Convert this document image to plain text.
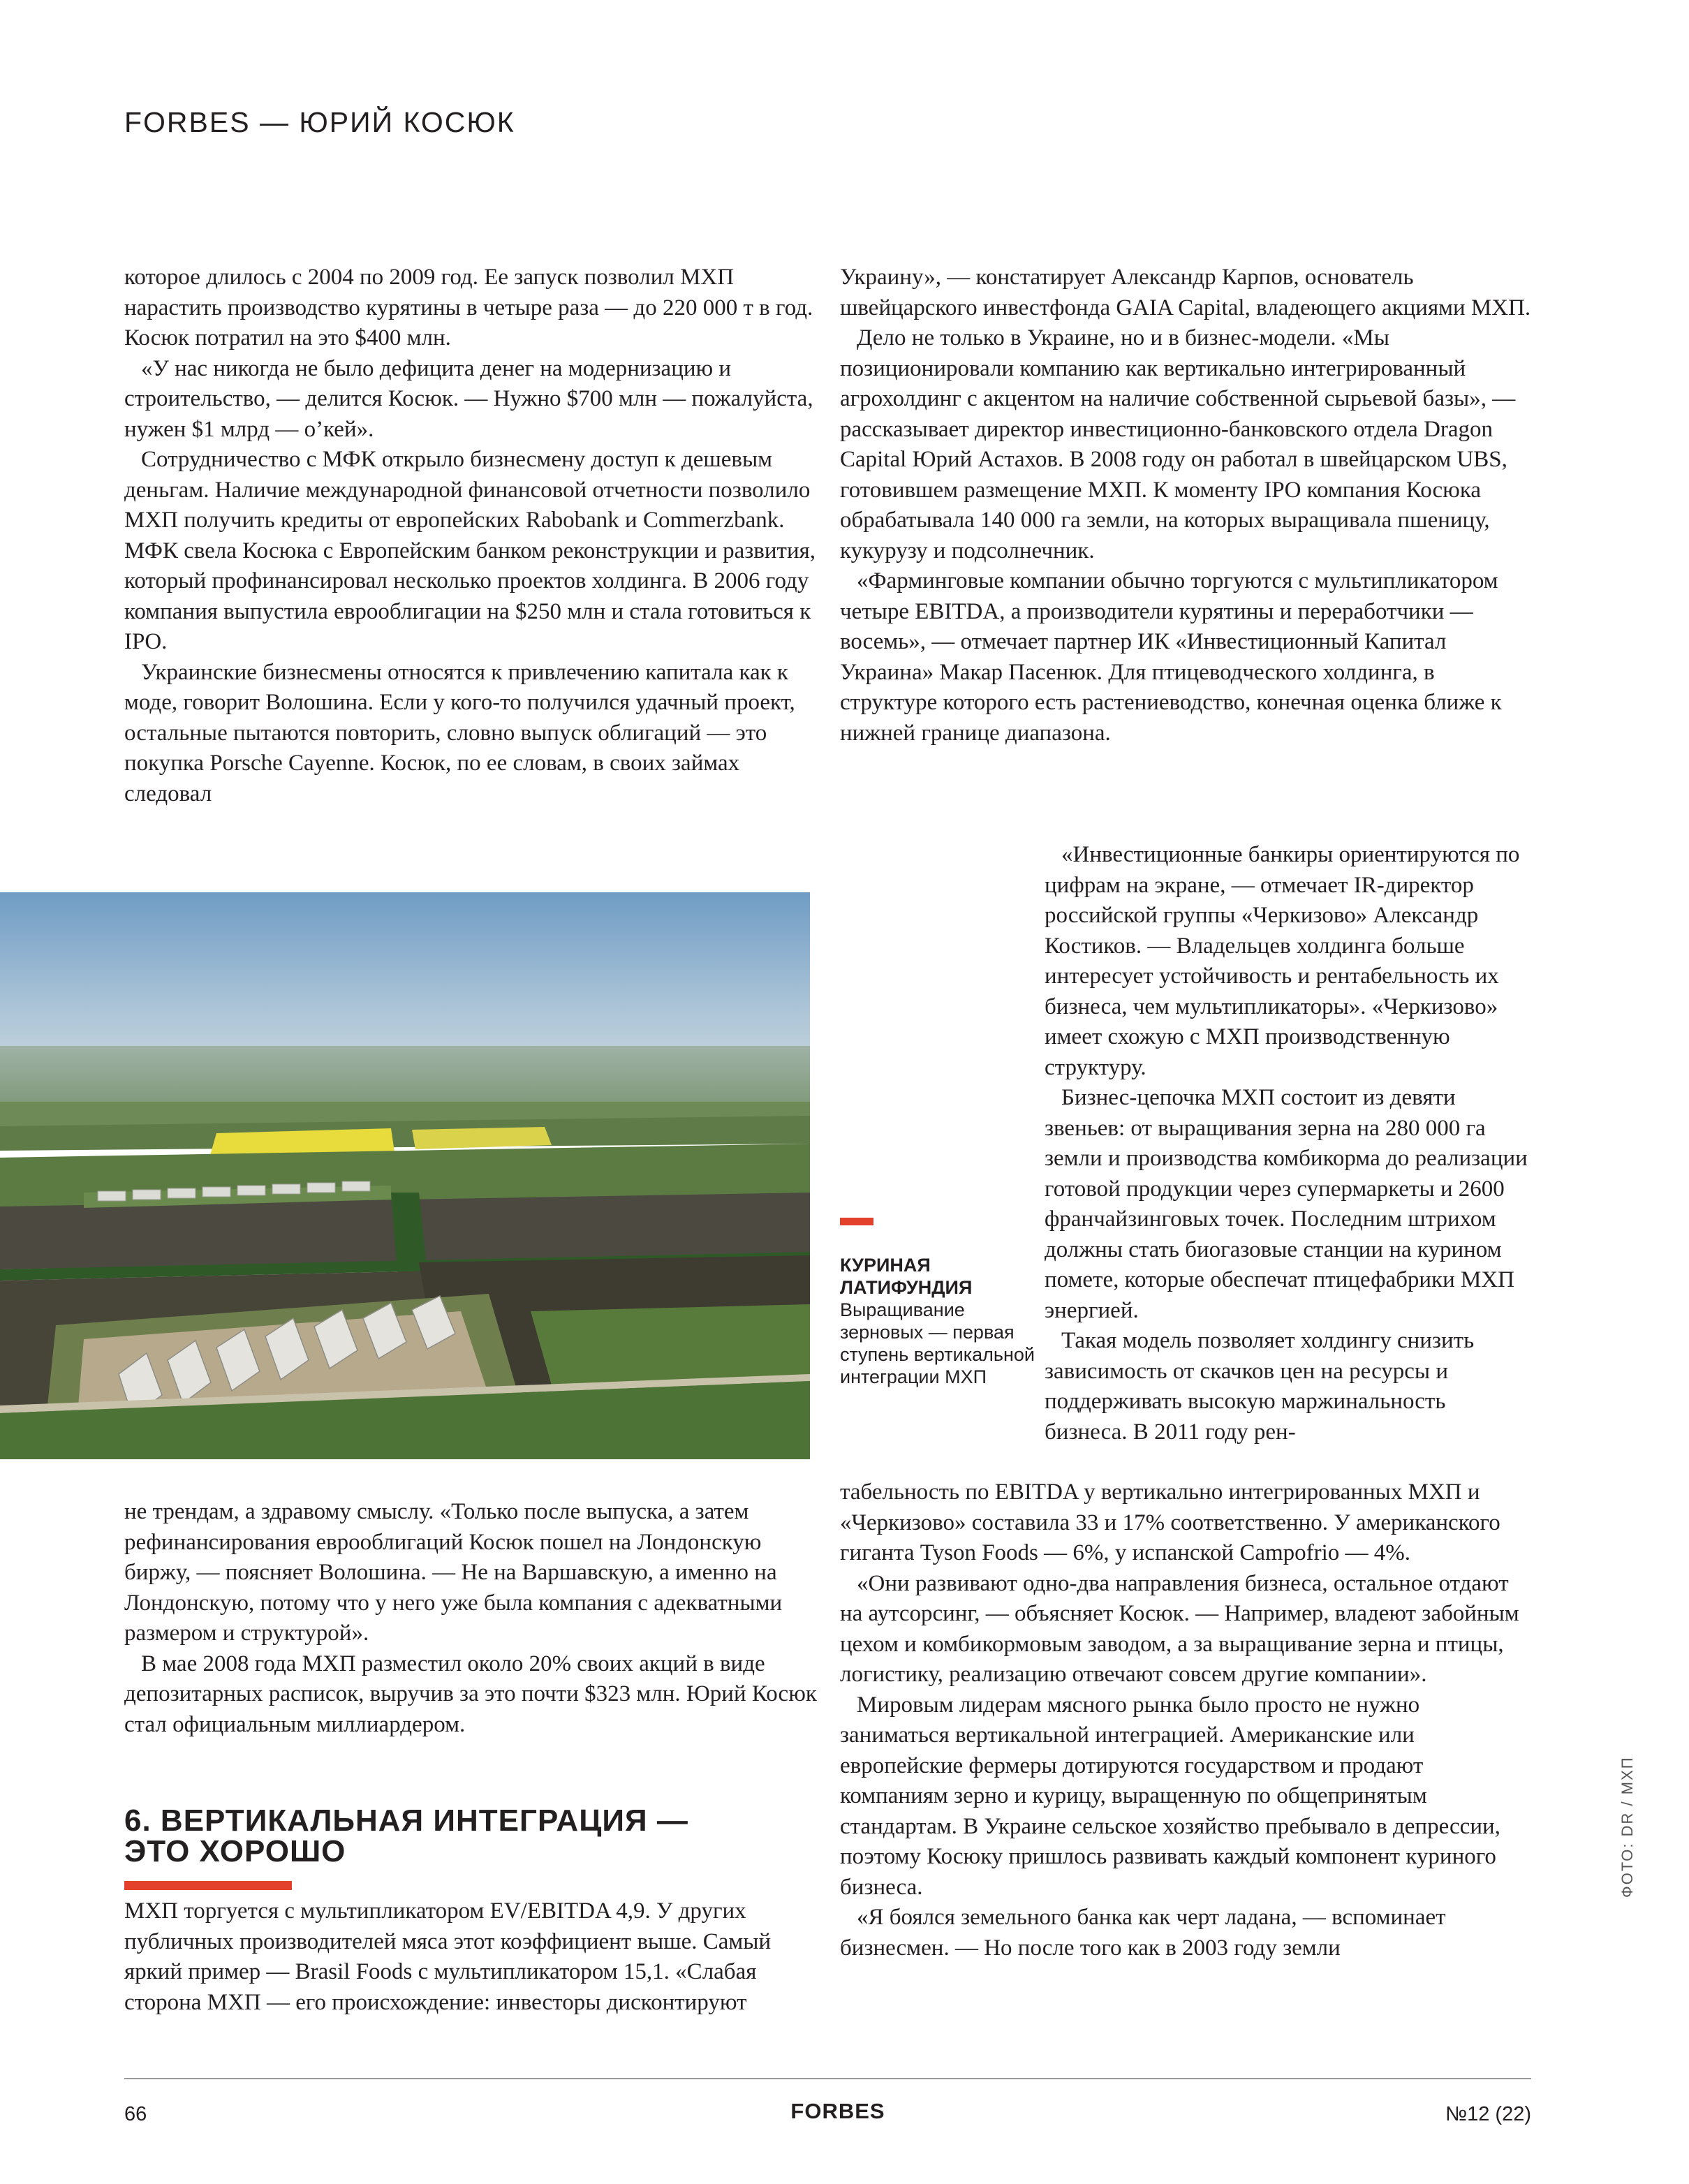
FORBES — ЮРИЙ КОСЮК

которое длилось с 2004 по 2009 год. Ее запуск позволил МХП нарастить производство курятины в четыре раза — до 220 000 т в год. Косюк потратил на это $400 млн.

«У нас никогда не было дефицита денег на модернизацию и строительство, — делится Косюк. — Нужно $700 млн — пожалуйста, нужен $1 млрд — о’кей».

Сотрудничество с МФК открыло бизнесмену доступ к дешевым деньгам. Наличие международной финансовой отчетности позволило МХП получить кредиты от европейских Rabobank и Commerzbank. МФК свела Косюка с Европейским банком реконструкции и развития, который профинансировал несколько проектов холдинга. В 2006 году компания выпустила еврооблигации на $250 млн и стала готовиться к IPO.

Украинские бизнесмены относятся к привлечению капитала как к моде, говорит Волошина. Если у кого-то получился удачный проект, остальные пытаются повторить, словно выпуск облигаций — это покупка Porsche Cayenne. Косюк, по ее словам, в своих займах следовал

не трендам, а здравому смыслу. «Только после выпуска, а затем рефинансирования еврооблигаций Косюк пошел на Лондонскую биржу, — поясняет Волошина. — Не на Варшавскую, а именно на Лондонскую, потому что у него уже была компания с адекватными размером и структурой».

В мае 2008 года МХП разместил около 20% своих акций в виде депозитарных расписок, выручив за это почти $323 млн. Юрий Косюк стал официальным миллиардером.

6. ВЕРТИКАЛЬНАЯ ИНТЕГРАЦИЯ —
ЭТО ХОРОШО

МХП торгуется с мультипликатором EV/EBITDA 4,9. У других публичных производителей мяса этот коэффициент выше. Самый яркий пример — Brasil Foods с мультипликатором 15,1. «Слабая сторона МХП — его происхождение: инвесторы дисконтируют

Украину», — констатирует Александр Карпов, основатель швейцарского инвестфонда GAIA Capital, владеющего акциями МХП.

Дело не только в Украине, но и в бизнес-модели. «Мы позиционировали компанию как вертикально интегрированный агрохолдинг с акцентом на наличие собственной сырьевой базы», — рассказывает директор инвестиционно-банковского отдела Dragon Capital Юрий Астахов. В 2008 году он работал в швейцарском UBS, готовившем размещение МХП. К моменту IPO компания Косюка обрабатывала 140 000 га земли, на которых выращивала пшеницу, кукурузу и подсолнечник.

«Фарминговые компании обычно торгуются с мультипликатором четыре EBITDA, а производители курятины и переработчики — восемь», — отмечает партнер ИК «Инвестиционный Капитал Украина» Макар Пасенюк. Для птицеводческого холдинга, в структуре которого есть растениеводство, конечная оценка ближе к нижней границе диапазона.

«Инвестиционные банкиры ориентируются по цифрам на экране, — отмечает IR-директор российской группы «Черкизово» Александр Костиков. — Владельцев холдинга больше интересует устойчивость и рентабельность их бизнеса, чем мультипликаторы». «Черкизово» имеет схожую с МХП производственную структуру.

Бизнес-цепочка МХП состоит из девяти звеньев: от выращивания зерна на 280 000 га земли и производства комбикорма до реализации готовой продукции через супермаркеты и 2600 франчайзинговых точек. Последним штрихом должны стать биогазовые станции на курином помете, которые обеспечат птицефабрики МХП энергией.

Такая модель позволяет холдингу снизить зависимость от скачков цен на ресурсы и поддерживать высокую маржинальность бизнеса. В 2011 году рен-

КУРИНАЯ
ЛАТИФУНДИЯ
Выращивание зерновых — первая ступень вертикальной интеграции МХП

табельность по EBITDA у вертикально интегрированных МХП и «Черкизово» составила 33 и 17% соответственно. У американского гиганта Tyson Foods — 6%, у испанской Campofrio — 4%.

«Они развивают одно-два направления бизнеса, остальное отдают на аутсорсинг, — объясняет Косюк. — Например, владеют забойным цехом и комбикормовым заводом, а за выращивание зерна и птицы, логистику, реализацию отвечают совсем другие компании».

Мировым лидерам мясного рынка было просто не нужно заниматься вертикальной интеграцией. Американские или европейские фермеры дотируются государством и продают компаниям зерно и курицу, выращенную по общепринятым стандартам. В Украине сельское хозяйство пребывало в депрессии, поэтому Косюку пришлось развивать каждый компонент куриного бизнеса.

«Я боялся земельного банка как черт ладана, — вспоминает бизнесмен. — Но после того как в 2003 году земли

ФОТО: DR / МХП
66	FORBES	№12 (22)
